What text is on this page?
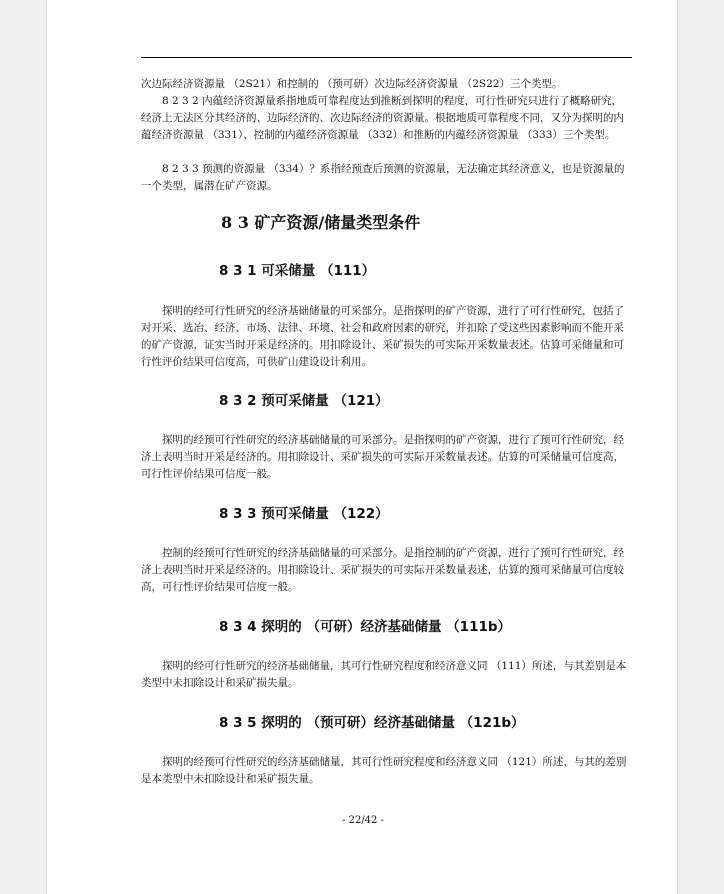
次边际经济资源量 （2S21）和控制的 （预可研）次边际经济资源量 （2S22）三个类型。

8 2 3 2 内蕴经济资源量系指地质可靠程度达到推断到探明的程度，可行性研究只进行了概略研究，经济上无法区分其经济的、边际经济的、次边际经济的资源量。根据地质可靠程度不同，又分为探明的内蕴经济资源量 （331）、控制的内蕴经济资源量 （332）和推断的内蕴经济资源量 （333）三个类型。

8 2 3 3 预测的资源量 （334）？系指经预查后预测的资源量，无法确定其经济意义，也是资源量的一个类型，属潜在矿产资源。

8 3 矿产资源/储量类型条件
8 3 1 可采储量 （111）

探明的经可行性研究的经济基础储量的可采部分。是指探明的矿产资源，进行了可行性研究，包括了对开采、选冶、经济、市场、法律、环境、社会和政府因素的研究，并扣除了受这些因素影响而不能开采的矿产资源，证实当时开采是经济的。用扣除设计、采矿损失的可实际开采数量表述。估算可采储量和可行性评价结果可信度高，可供矿山建设设计利用。

8 3 2 预可采储量 （121）

探明的经预可行性研究的经济基础储量的可采部分。是指探明的矿产资源，进行了预可行性研究，经济上表明当时开采是经济的。用扣除设计、采矿损失的可实际开采数量表述。估算的可采储量可信度高，可行性评价结果可信度一般。

8 3 3 预可采储量 （122）

控制的经预可行性研究的经济基础储量的可采部分。是指控制的矿产资源，进行了预可行性研究，经济上表明当时开采是经济的。用扣除设计、采矿损失的可实际开采数量表述，估算的预可采储量可信度较高，可行性评价结果可信度一般。

8 3 4 探明的 （可研）经济基础储量 （111b）

探明的经可行性研究的经济基础储量，其可行性研究程度和经济意义同 （111）所述，与其差别是本类型中未扣除设计和采矿损失量。

8 3 5 探明的 （预可研）经济基础储量 （121b）

探明的经预可行性研究的经济基础储量，其可行性研究程度和经济意义同 （121）所述，与其的差别是本类型中未扣除设计和采矿损失量。

- 22/42 -
